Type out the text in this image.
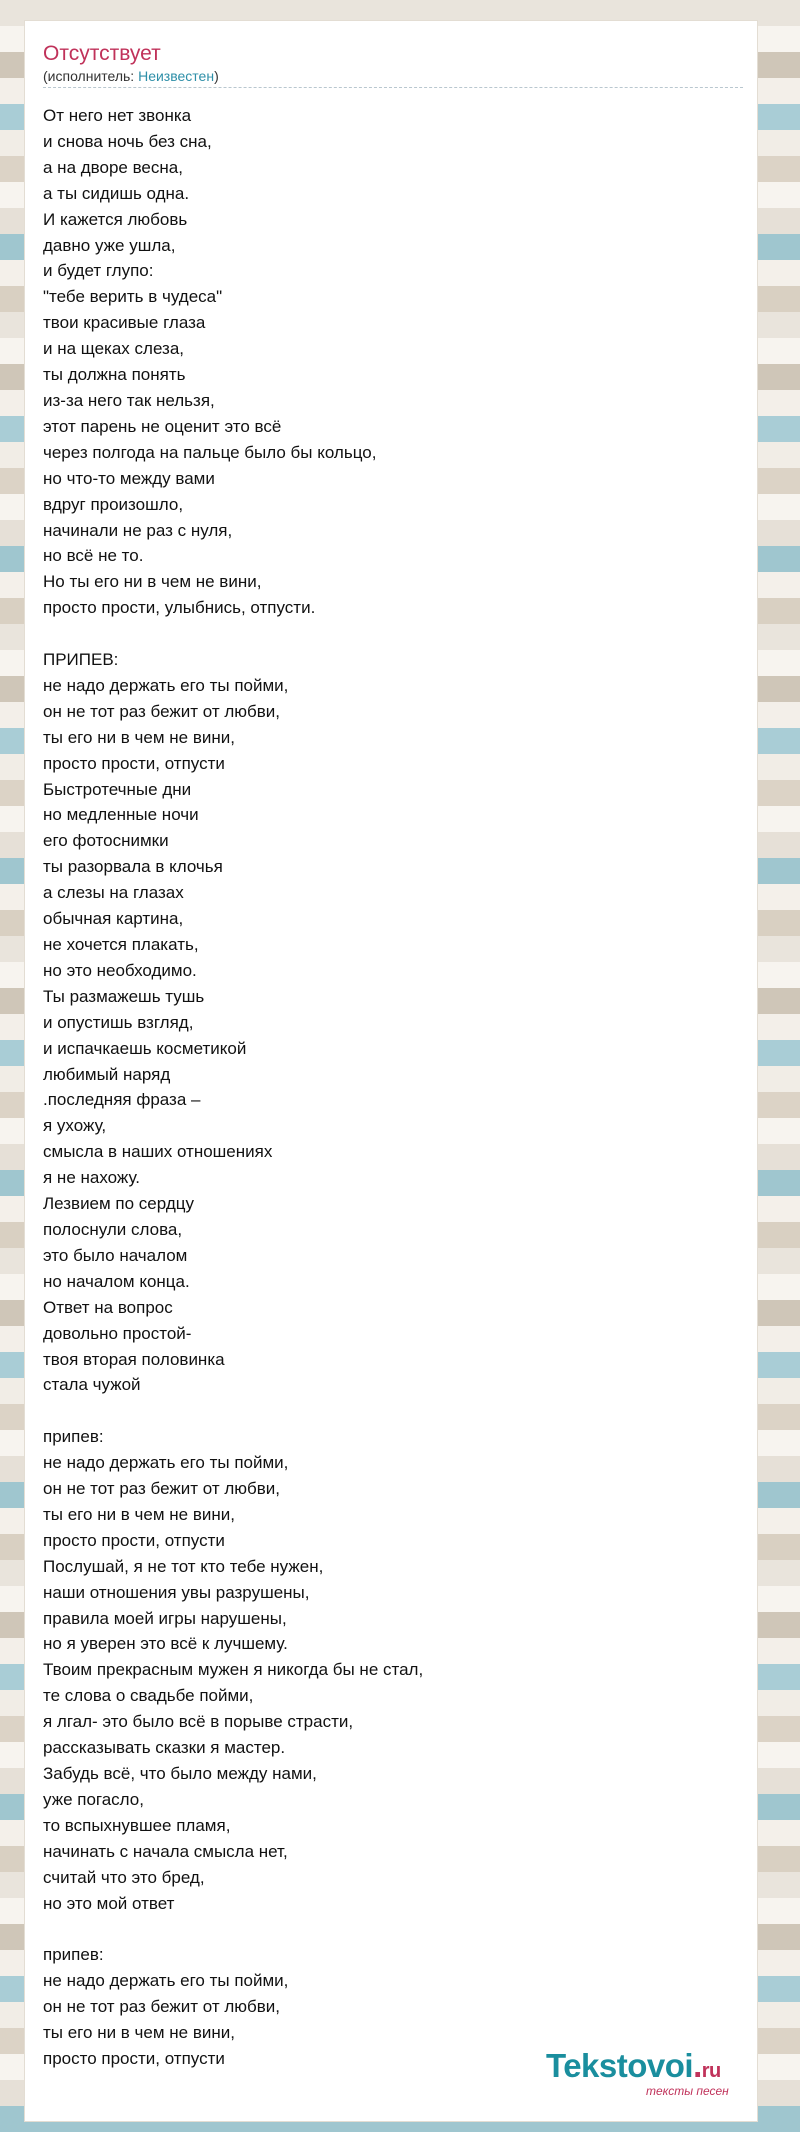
Отсутствует
(исполнитель: Неизвестен)
От него нет звонка
и снова ночь без сна,
а на дворе весна,
а ты сидишь одна.
И кажется любовь
давно уже ушла,
и будет глупо:
"тебе верить в чудеса"
твои красивые глаза
и на щеках слеза,
ты должна понять
из-за него так нельзя,
этот парень не оценит это всё
через полгода на пальце было бы кольцо,
но что-то между вами
вдруг произошло,
начинали не раз с нуля,
но всё не то.
Но ты его ни в чем не вини,
просто прости, улыбнись, отпусти.

ПРИПЕВ:
не надо держать его ты пойми,
он не тот раз бежит от любви,
ты его ни в чем не вини,
просто прости, отпусти
Быстротечные дни
но медленные ночи
его фотоснимки
ты разорвала в клочья
а слезы на глазах
обычная картина,
не хочется плакать,
но это необходимо.
Ты размажешь тушь
и опустишь взгляд,
и испачкаешь косметикой
любимый наряд
.последняя фраза –
я ухожу,
смысла в наших отношениях
я не нахожу.
Лезвием по сердцу
полоснули слова,
это было началом
но началом конца.
Ответ на вопрос
довольно простой-
твоя вторая половинка
стала чужой

припев:
не надо держать его ты пойми,
он не тот раз бежит от любви,
ты его ни в чем не вини,
просто прости, отпусти
Послушай, я не тот кто тебе нужен,
наши отношения увы разрушены,
правила моей игры нарушены,
но я уверен это всё к лучшему.
Твоим прекрасным мужен я никогда бы не стал,
те слова о свадьбе пойми,
я лгал- это было всё в порыве страсти,
рассказывать сказки я мастер.
Забудь всё, что было между нами,
уже погасло,
то вспыхнувшее пламя,
начинать с начала смысла нет,
считай что это бред,
но это мой ответ

припев:
не надо держать его ты пойми,
он не тот раз бежит от любви,
ты его ни в чем не вини,
просто прости, отпусти	Tekstovoi.ru
тексты песен
